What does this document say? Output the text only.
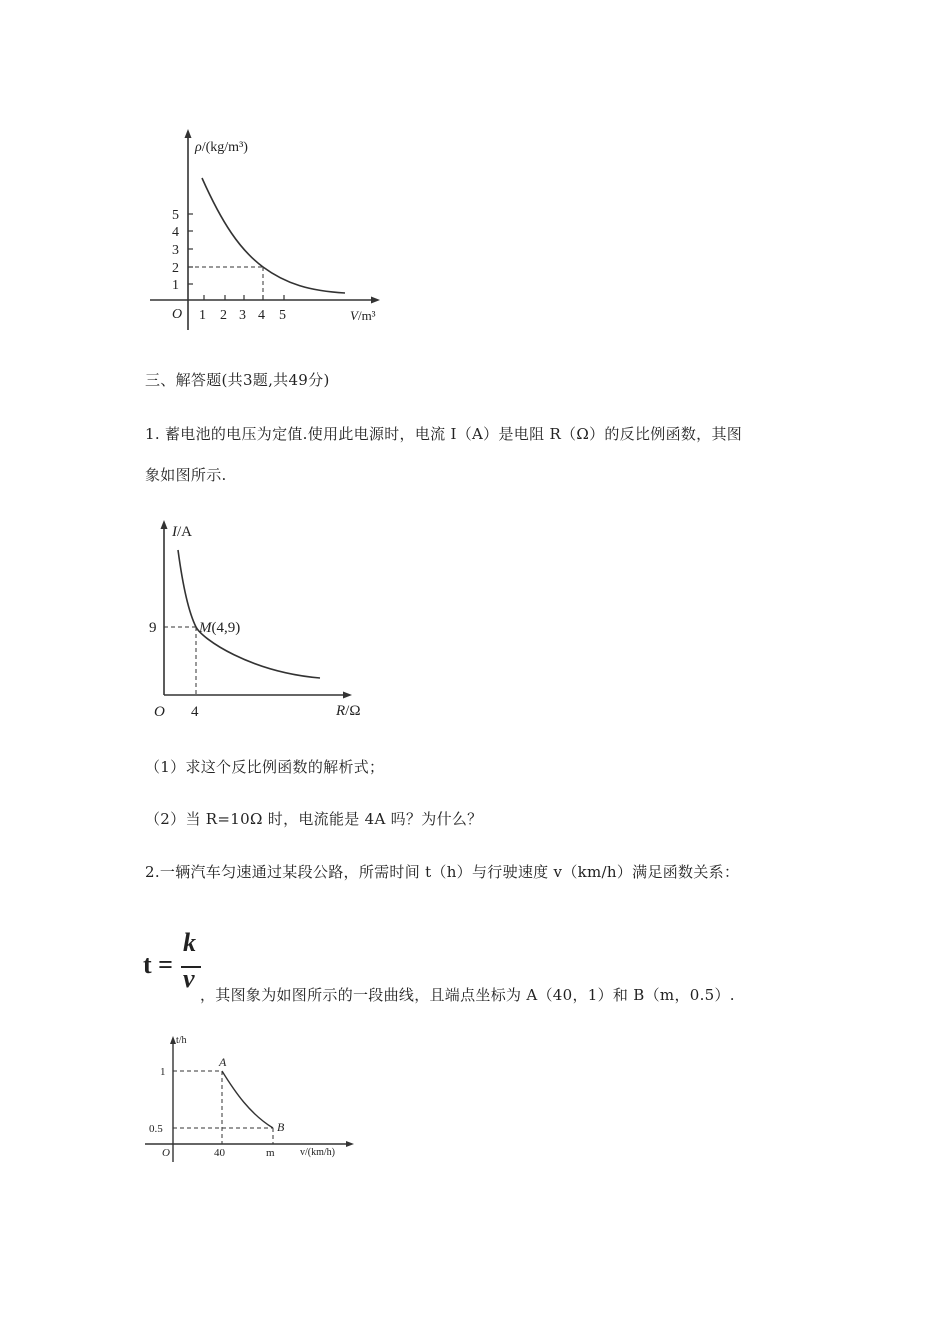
ρ/(kg/m³)
V/m³
O
1
2
3
4
5
1 2 3 4 5
三、解答题(共3题,共49分)
1. 蓄电池的电压为定值.使用此电源时，电流 I（A）是电阻 R（Ω）的反比例函数，其图
象如图所示.
I/A
R/Ω
O
9
4
M(4,9)
（1）求这个反比例函数的解析式；
（2）当 R=10Ω 时，电流能是 4A 吗？为什么？
2.一辆汽车匀速通过某段公路，所需时间 t（h）与行驶速度 v（km/h）满足函数关系：
t =
k
v
，其图象为如图所示的一段曲线，且端点坐标为 A（40，1）和 B（m，0.5）.
t/h
v/(km/h)
O
1
0.5
40	m
A
B
